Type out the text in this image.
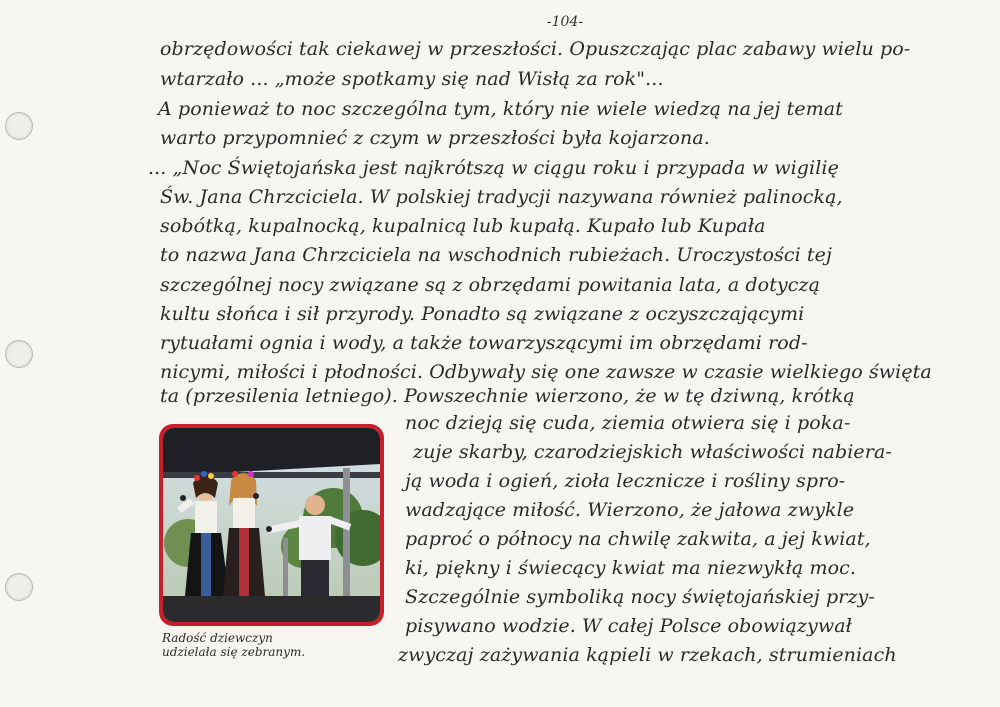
-104-
obrzędowości tak ciekawej w przeszłości. Opuszczając plac zabawy wielu po-
wtarzało ... „może spotkamy się nad Wisłą za rok"...
A ponieważ to noc szczególna tym, który nie wiele wiedzą na jej temat
warto przypomnieć z czym w przeszłości była kojarzona.
... „Noc Świętojańska jest najkrótszą w ciągu roku i przypada w wigilię
Św. Jana Chrzciciela. W polskiej tradycji nazywana również palinocką,
sobótką, kupalnocką, kupalnicą lub kupałą. Kupało lub Kupała
to nazwa Jana Chrzciciela na wschodnich rubieżach. Uroczystości tej
szczególnej nocy związane są z obrzędami powitania lata, a dotyczą
kultu słońca i sił przyrody. Ponadto są związane z oczyszczającymi
rytuałami ognia i wody, a także towarzyszącymi im obrzędami rod-
nicymi, miłości i płodności. Odbywały się one zawsze w czasie wielkiego święta
ta (przesilenia letniego). Powszechnie wierzono, że w tę dziwną, krótką
noc dzieją się cuda, ziemia otwiera się i poka-
zuje skarby, czarodziejskich właściwości nabiera-
ją woda i ogień, zioła lecznicze i rośliny spro-
wadzające miłość. Wierzono, że jałowa zwykle
paproć o północy na chwilę zakwita, a jej kwiat,
ki, piękny i świecący kwiat ma niezwykłą moc.
Szczególnie symboliką nocy świętojańskiej przy-
pisywano wodzie. W całej Polsce obowiązywał
zwyczaj zażywania kąpieli w rzekach, strumieniach
Radość dziewczyn
udzielała się zebranym.
